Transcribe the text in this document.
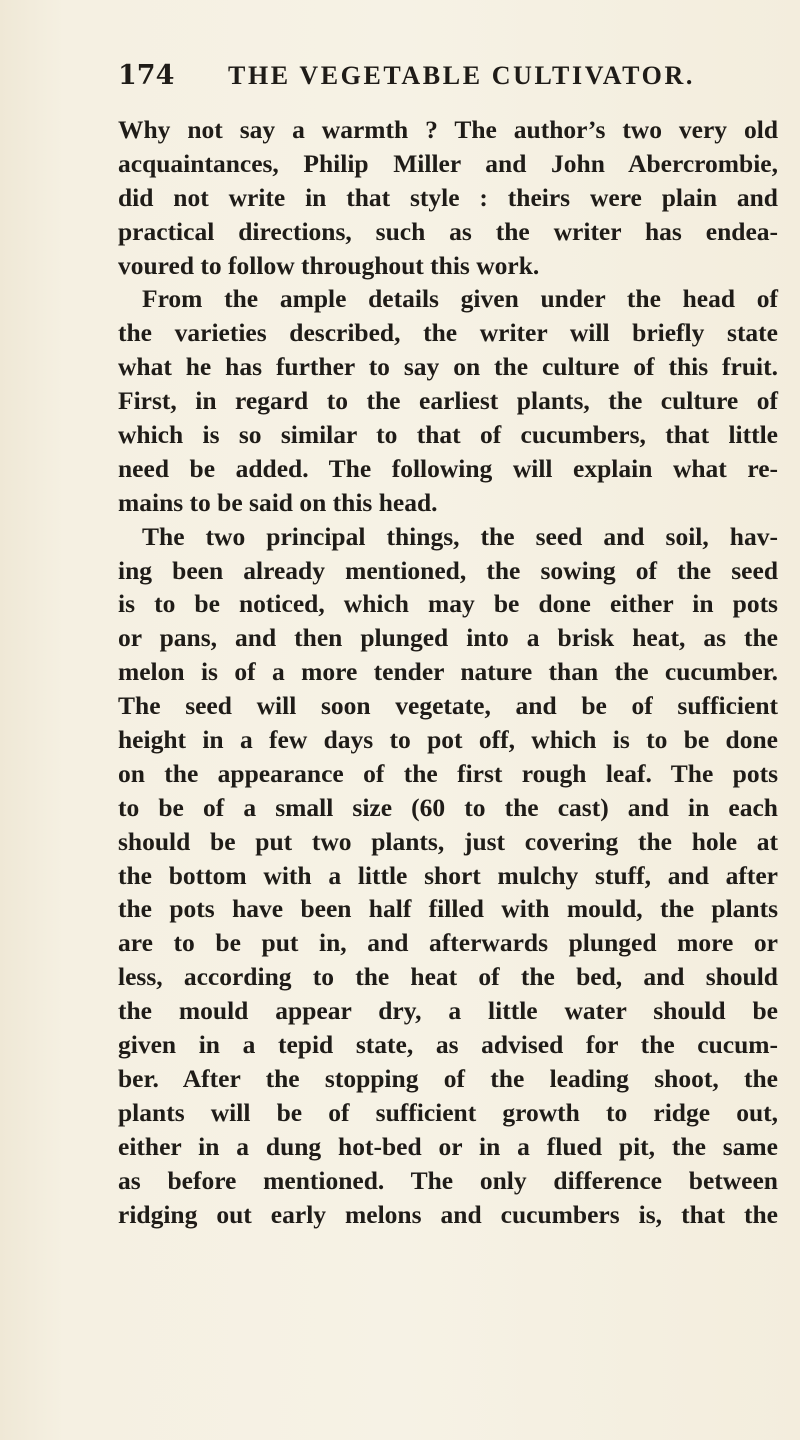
174 THE VEGETABLE CULTIVATOR.
Why not say a warmth ? The author’s two very old
acquaintances, Philip Miller and John Abercrombie,
did not write in that style : theirs were plain and
practical directions, such as the writer has endea-
voured to follow throughout this work.
From the ample details given under the head of
the varieties described, the writer will briefly state
what he has further to say on the culture of this fruit.
First, in regard to the earliest plants, the culture of
which is so similar to that of cucumbers, that little
need be added. The following will explain what re-
mains to be said on this head.
The two principal things, the seed and soil, hav-
ing been already mentioned, the sowing of the seed
is to be noticed, which may be done either in pots
or pans, and then plunged into a brisk heat, as the
melon is of a more tender nature than the cucumber.
The seed will soon vegetate, and be of sufficient
height in a few days to pot off, which is to be done
on the appearance of the first rough leaf. The pots
to be of a small size (60 to the cast) and in each
should be put two plants, just covering the hole at
the bottom with a little short mulchy stuff, and after
the pots have been half filled with mould, the plants
are to be put in, and afterwards plunged more or
less, according to the heat of the bed, and should
the mould appear dry, a little water should be
given in a tepid state, as advised for the cucum-
ber. After the stopping of the leading shoot, the
plants will be of sufficient growth to ridge out,
either in a dung hot-bed or in a flued pit, the same
as before mentioned. The only difference between
ridging out early melons and cucumbers is, that the
